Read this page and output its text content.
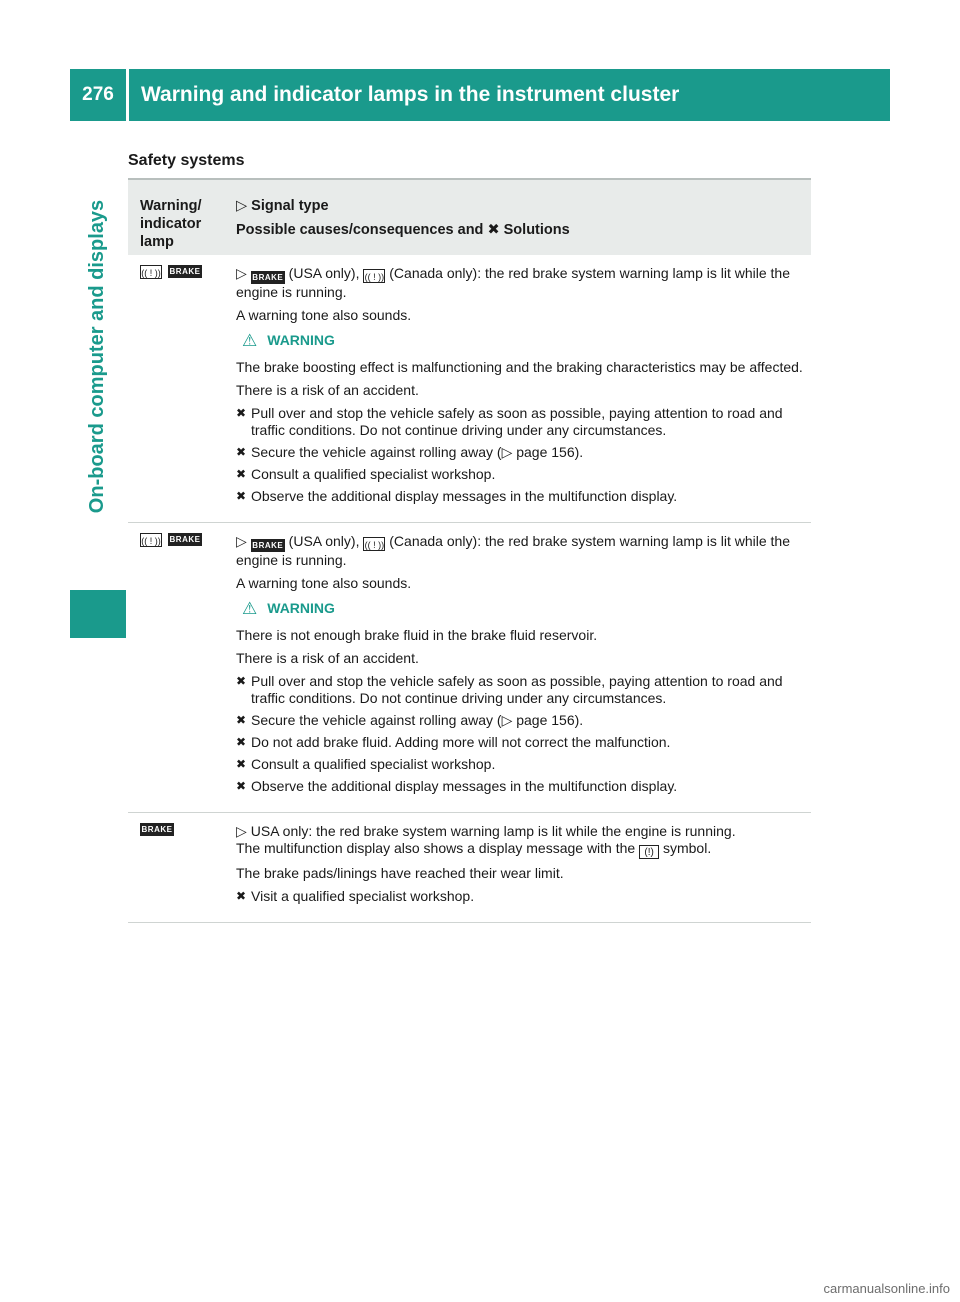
276	Warning and indicator lamps in the instrument cluster
On-board computer and displays
Safety systems
Warning/
indicator
lamp
▷ Signal type
Possible causes/consequences and ✖ Solutions
(( ! )) BRAKE	▷ BRAKE (USA only), (( ! )) (Canada only): the red brake system warning lamp is lit while the engine is running.

A warning tone also sounds.

⚠ WARNING

The brake boosting effect is malfunctioning and the braking characteristics may be affected.

There is a risk of an accident.

✖ Pull over and stop the vehicle safely as soon as possible, paying attention to road and traffic conditions. Do not continue driving under any circumstances.
✖ Secure the vehicle against rolling away (▷ page 156).
✖ Consult a qualified specialist workshop.
✖ Observe the additional display messages in the multifunction display.
(( ! )) BRAKE	▷ BRAKE (USA only), (( ! )) (Canada only): the red brake system warning lamp is lit while the engine is running.

A warning tone also sounds.

⚠ WARNING

There is not enough brake fluid in the brake fluid reservoir.

There is a risk of an accident.

✖ Pull over and stop the vehicle safely as soon as possible, paying attention to road and traffic conditions. Do not continue driving under any circumstances.
✖ Secure the vehicle against rolling away (▷ page 156).
✖ Do not add brake fluid. Adding more will not correct the malfunction.
✖ Consult a qualified specialist workshop.
✖ Observe the additional display messages in the multifunction display.
BRAKE	▷ USA only: the red brake system warning lamp is lit while the engine is running.

The multifunction display also shows a display message with the (!) symbol.

The brake pads/linings have reached their wear limit.

✖ Visit a qualified specialist workshop.
carmanualsonline.info
